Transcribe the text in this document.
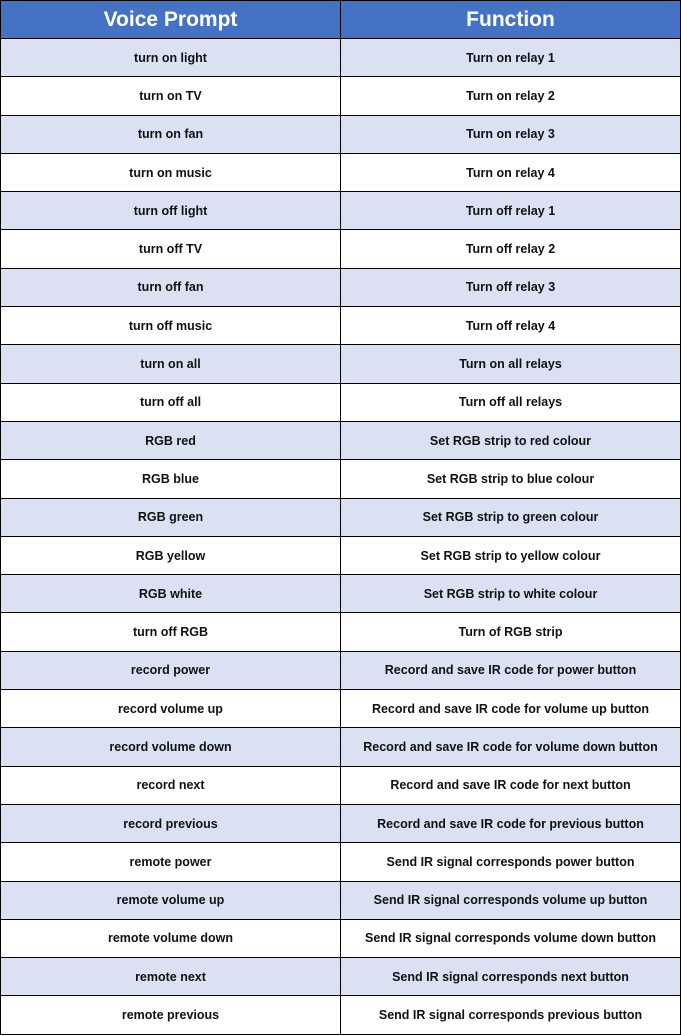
Voice Prompt	Function
turn on light	Turn on relay 1
turn on TV	Turn on relay 2
turn on fan	Turn on relay 3
turn on music	Turn on relay 4
turn off light	Turn off relay 1
turn off TV	Turn off relay 2
turn off fan	Turn off relay 3
turn off music	Turn off relay 4
turn on all	Turn on all relays
turn off all	Turn off all relays
RGB red	Set RGB strip to red colour
RGB blue	Set RGB strip to blue colour
RGB green	Set RGB strip to green colour
RGB yellow	Set RGB strip to yellow colour
RGB white	Set RGB strip to white colour
turn off RGB	Turn of RGB strip
record power	Record and save IR code for power button
record volume up	Record and save IR code for volume up button
record volume down	Record and save IR code for volume down button
record next	Record and save IR code for next button
record previous	Record and save IR code for previous button
remote power	Send IR signal corresponds power button
remote volume up	Send IR signal corresponds volume up button
remote volume down	Send IR signal corresponds volume down button
remote next	Send IR signal corresponds next button
remote previous	Send IR signal corresponds previous button
